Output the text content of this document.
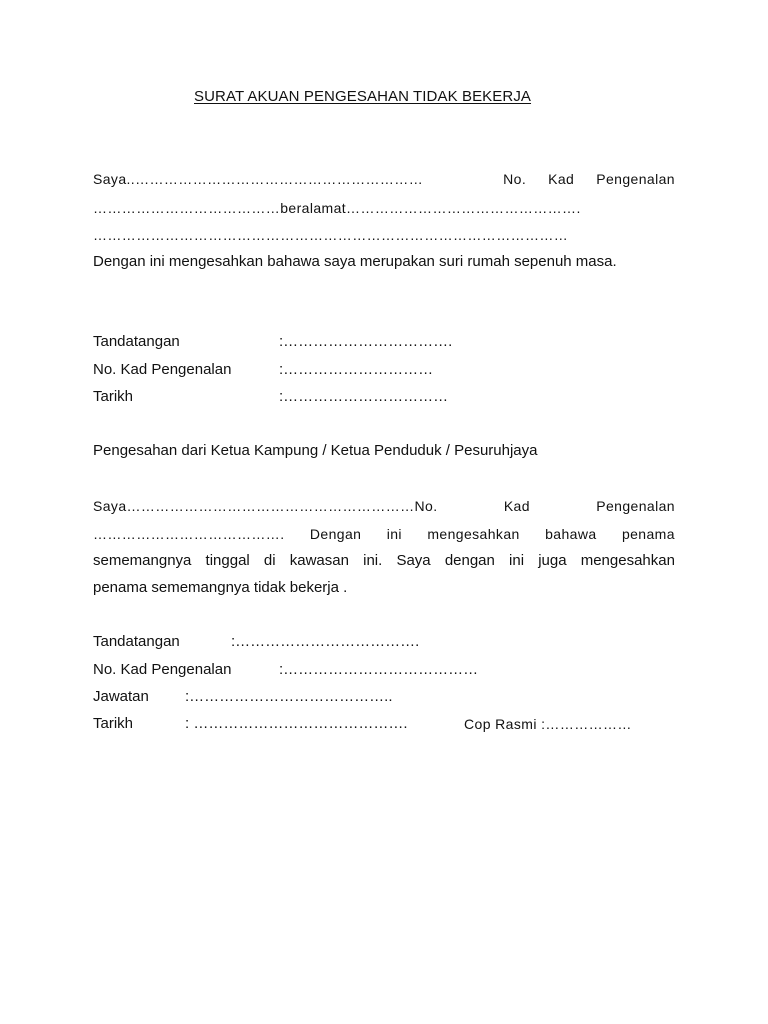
SURAT AKUAN PENGESAHAN TIDAK BEKERJA
Saya..……………………………………………………	No. Kad Pengenalan
…………………………………beralamat………………………………………….
………………………………………………………………………………………
Dengan ini mengesahkan bahawa saya merupakan suri rumah sepenuh masa.
Tandatangan	:…………………………….
No. Kad Pengenalan	:…………………………
Tarikh	:……………………………
Pengesahan dari Ketua Kampung / Ketua Penduduk / Pesuruhjaya
Saya……………………………………………………No.	Kad	Pengenalan
…………………………………. Dengan ini mengesahkan bahawa penama
sememangnya tinggal di kawasan ini. Saya dengan ini juga mengesahkan
penama sememangnya tidak bekerja .
Tandatangan	:……………………………….
No. Kad Pengenalan	:…………………………………
Jawatan :…………………………………..
Tarikh	: …………………………………….	Cop Rasmi :………………
